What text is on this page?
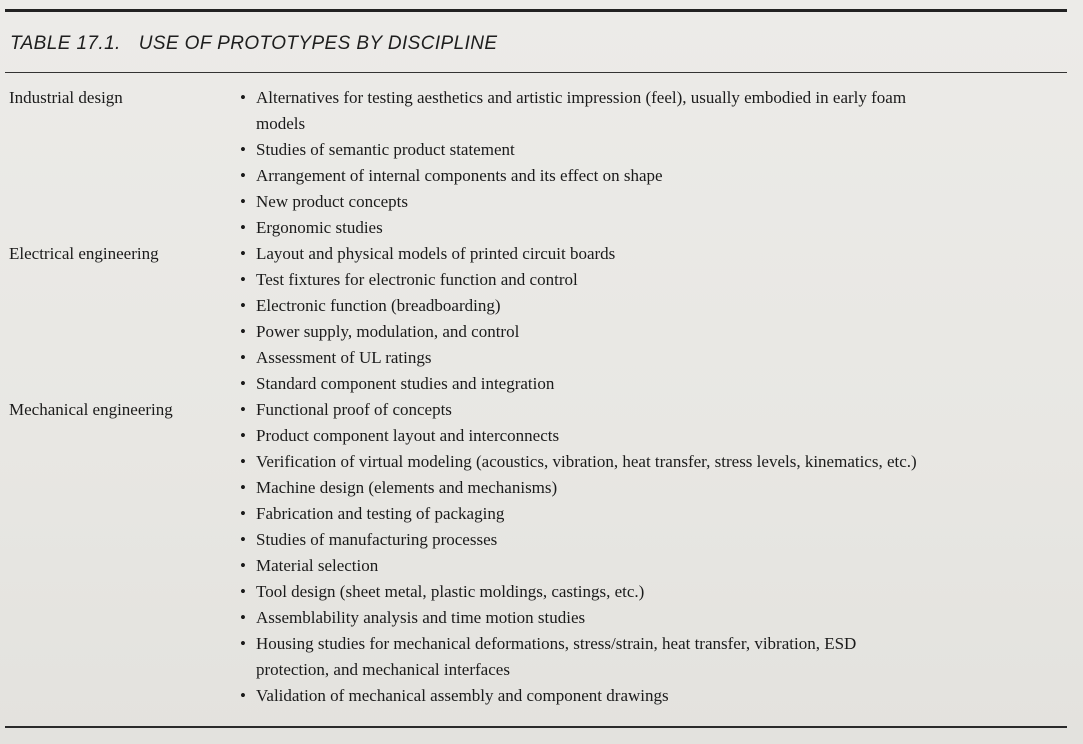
TABLE 17.1. USE OF PROTOTYPES BY DISCIPLINE
Industrial design	• Alternatives for testing aesthetics and artistic impression (feel), usually embodied in early foam
models
• Studies of semantic product statement
• Arrangement of internal components and its effect on shape
• New product concepts
• Ergonomic studies
Electrical engineering	• Layout and physical models of printed circuit boards
• Test fixtures for electronic function and control
• Electronic function (breadboarding)
• Power supply, modulation, and control
• Assessment of UL ratings
• Standard component studies and integration
Mechanical engineering	• Functional proof of concepts
• Product component layout and interconnects
• Verification of virtual modeling (acoustics, vibration, heat transfer, stress levels, kinematics, etc.)
• Machine design (elements and mechanisms)
• Fabrication and testing of packaging
• Studies of manufacturing processes
• Material selection
• Tool design (sheet metal, plastic moldings, castings, etc.)
• Assemblability analysis and time motion studies
• Housing studies for mechanical deformations, stress/strain, heat transfer, vibration, ESD
protection, and mechanical interfaces
• Validation of mechanical assembly and component drawings
